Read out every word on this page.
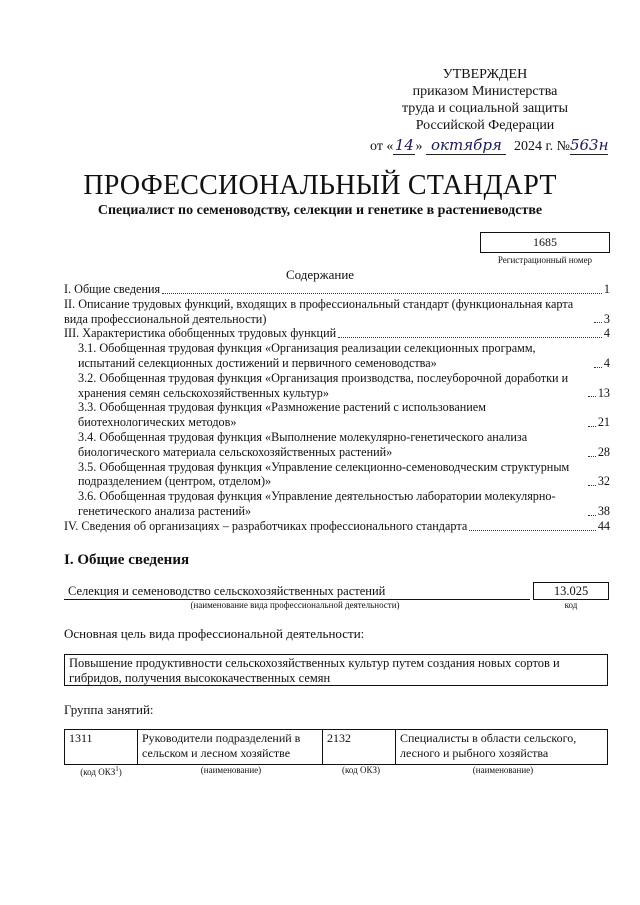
УТВЕРЖДЕН
приказом Министерства
труда и социальной защиты
Российской Федерации
от «14» октября 2024 г. №563н
ПРОФЕССИОНАЛЬНЫЙ СТАНДАРТ
Специалист по семеноводству, селекции и генетике в растениеводстве
1685
Регистрационный номер
Содержание
I. Общие сведения	1
II. Описание трудовых функций, входящих в профессиональный стандарт (функциональная карта вида профессиональной деятельности)	3
III. Характеристика обобщенных трудовых функций	4
3.1. Обобщенная трудовая функция «Организация реализации селекционных программ, испытаний селекционных достижений и первичного семеноводства»	4
3.2. Обобщенная трудовая функция «Организация производства, послеуборочной доработки и хранения семян сельскохозяйственных культур»	13
3.3. Обобщенная трудовая функция «Размножение растений с использованием биотехнологических методов»	21
3.4. Обобщенная трудовая функция «Выполнение молекулярно-генетического анализа биологического материала сельскохозяйственных растений»	28
3.5. Обобщенная трудовая функция «Управление селекционно-семеноводческим структурным подразделением (центром, отделом)»	32
3.6. Обобщенная трудовая функция «Управление деятельностью лаборатории молекулярно-генетического анализа растений»	38
IV. Сведения об организациях – разработчиках профессионального стандарта	44
I. Общие сведения
Селекция и семеноводство сельскохозяйственных растений
(наименование вида профессиональной деятельности)
13.025
код
Основная цель вида профессиональной деятельности:
Повышение продуктивности сельскохозяйственных культур путем создания новых сортов и гибридов, получения высококачественных семян
Группа занятий:
1311	Руководители подразделений в сельском и лесном хозяйстве	2132	Специалисты в области сельского, лесного и рыбного хозяйства
(код ОКЗ$^1$)	(наименование)	(код ОКЗ)	(наименование)
